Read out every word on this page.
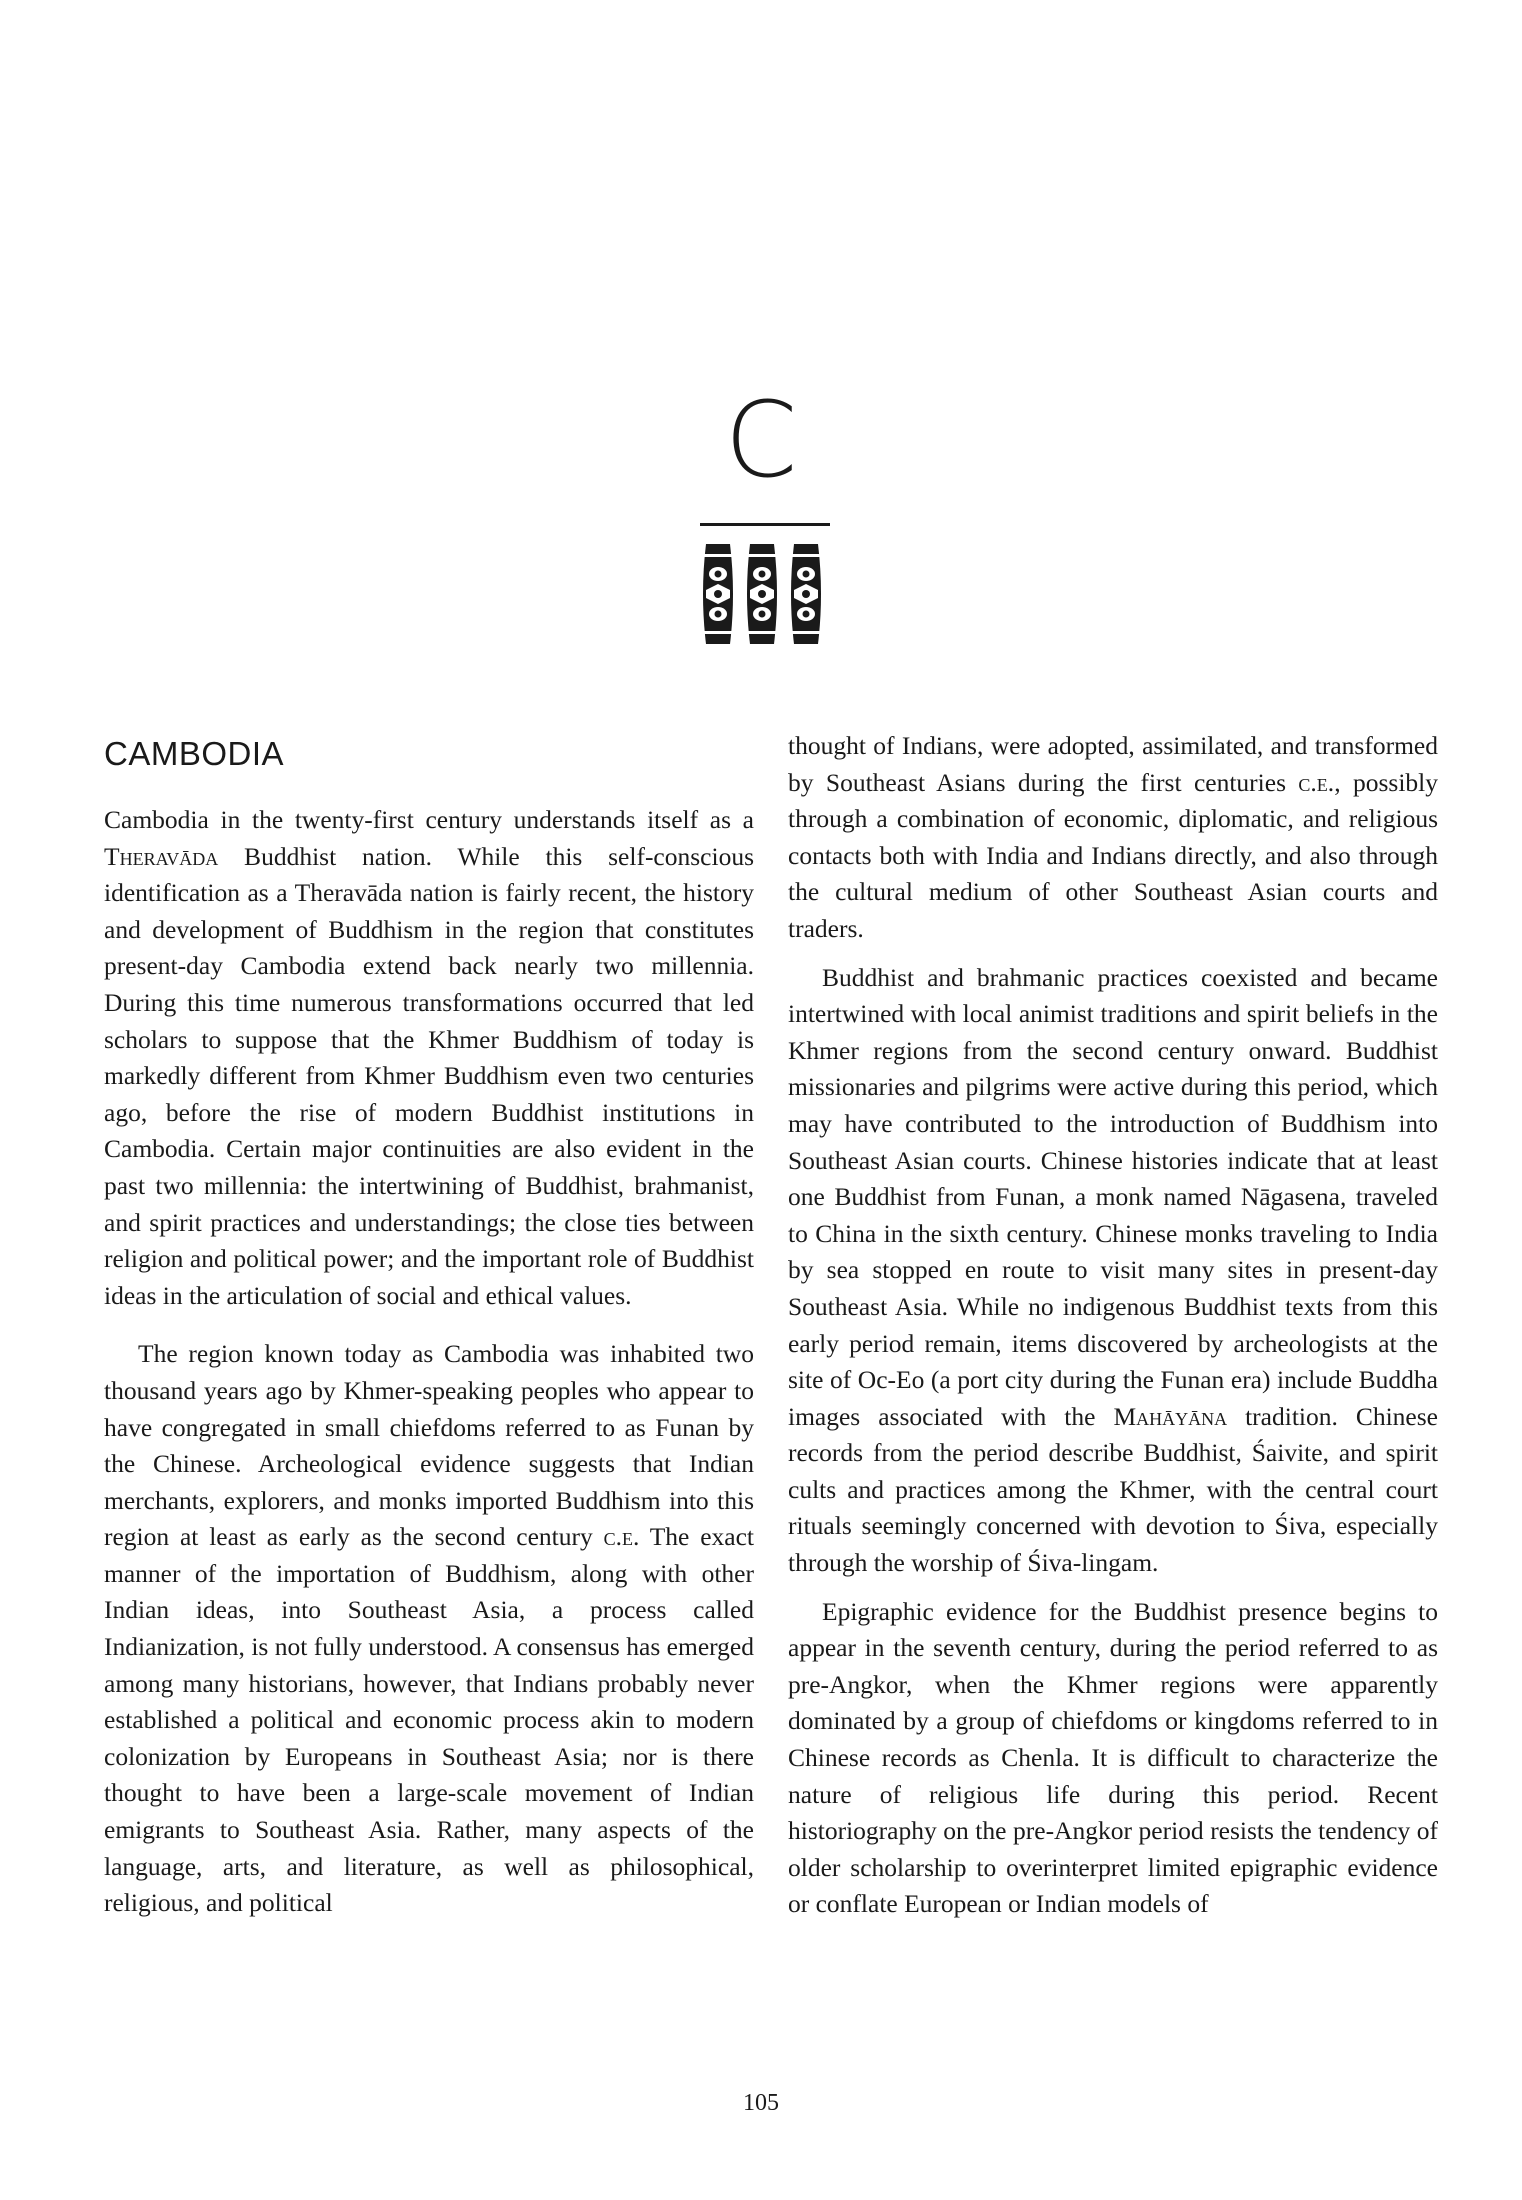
C
CAMBODIA

Cambodia in the twenty-first century understands itself as a Theravāda Buddhist nation. While this self-conscious identification as a Theravāda nation is fairly recent, the history and development of Buddhism in the region that constitutes present-day Cambodia extend back nearly two millennia. During this time numerous transformations occurred that led scholars to suppose that the Khmer Buddhism of today is markedly different from Khmer Buddhism even two centuries ago, before the rise of modern Buddhist institutions in Cambodia. Certain major continuities are also evident in the past two millennia: the intertwining of Buddhist, brahmanist, and spirit practices and understandings; the close ties between religion and political power; and the important role of Buddhist ideas in the articulation of social and ethical values.

The region known today as Cambodia was inhabited two thousand years ago by Khmer-speaking peoples who appear to have congregated in small chiefdoms referred to as Funan by the Chinese. Archeological evidence suggests that Indian merchants, explorers, and monks imported Buddhism into this region at least as early as the second century c.e. The exact manner of the importation of Buddhism, along with other Indian ideas, into Southeast Asia, a process called Indianization, is not fully understood. A consensus has emerged among many historians, however, that Indians probably never established a political and economic process akin to modern colonization by Europeans in Southeast Asia; nor is there thought to have been a large-scale movement of Indian emigrants to Southeast Asia. Rather, many aspects of the language, arts, and literature, as well as philosophical, religious, and political

thought of Indians, were adopted, assimilated, and transformed by Southeast Asians during the first centuries c.e., possibly through a combination of economic, diplomatic, and religious contacts both with India and Indians directly, and also through the cultural medium of other Southeast Asian courts and traders.

Buddhist and brahmanic practices coexisted and became intertwined with local animist traditions and spirit beliefs in the Khmer regions from the second century onward. Buddhist missionaries and pilgrims were active during this period, which may have contributed to the introduction of Buddhism into Southeast Asian courts. Chinese histories indicate that at least one Buddhist from Funan, a monk named Nāgasena, traveled to China in the sixth century. Chinese monks traveling to India by sea stopped en route to visit many sites in present-day Southeast Asia. While no indigenous Buddhist texts from this early period remain, items discovered by archeologists at the site of Oc-Eo (a port city during the Funan era) include Buddha images associated with the Mahāyāna tradition. Chinese records from the period describe Buddhist, Śaivite, and spirit cults and practices among the Khmer, with the central court rituals seemingly concerned with devotion to Śiva, especially through the worship of Śiva-lingam.

Epigraphic evidence for the Buddhist presence begins to appear in the seventh century, during the period referred to as pre-Angkor, when the Khmer regions were apparently dominated by a group of chiefdoms or kingdoms referred to in Chinese records as Chenla. It is difficult to characterize the nature of religious life during this period. Recent historiography on the pre-Angkor period resists the tendency of older scholarship to overinterpret limited epigraphic evidence or conflate European or Indian models of

105
